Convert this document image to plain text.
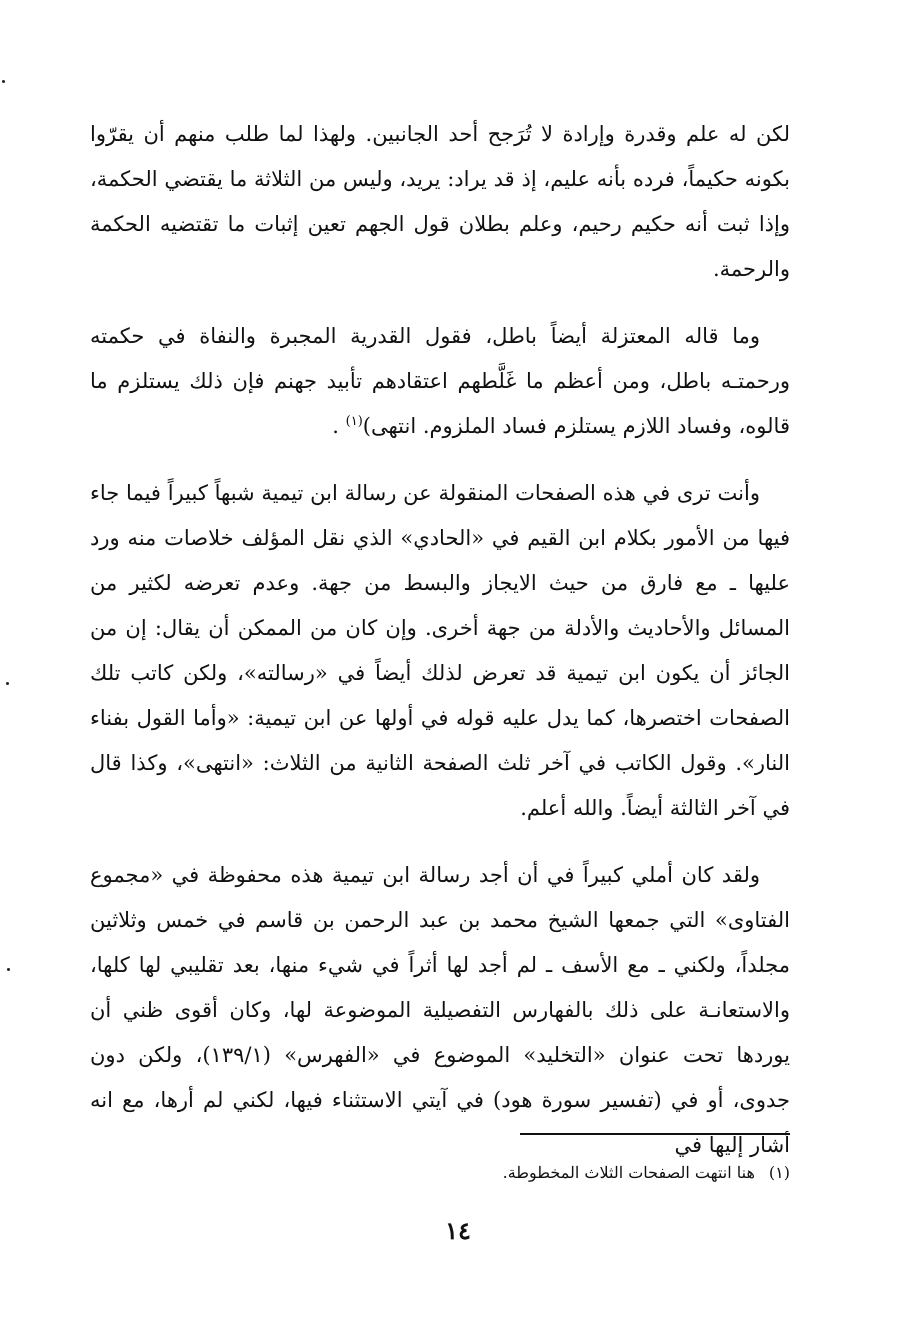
لكن له علم وقدرة وإرادة لا تُرَجح أحد الجانبين. ولهذا لما طلب منهم أن يقرّوا بكونه حكيماً، فرده بأنه عليم، إذ قد يراد: يريد، وليس من الثلاثة ما يقتضي الحكمة، وإذا ثبت أنه حكيم رحيم، وعلم بطلان قول الجهم تعين إثبات ما تقتضيه الحكمة والرحمة.

وما قاله المعتزلة أيضاً باطل، فقول القدرية المجبرة والنفاة في حكمته ورحمتـه باطل، ومن أعظم ما غَلَّطهم اعتقادهم تأبيد جهنم فإن ذلك يستلزم ما قالوه، وفساد اللازم يستلزم فساد الملزوم. انتهى)$^{(١)}$ .

وأنت ترى في هذه الصفحات المنقولة عن رسالة ابن تيمية شبهاً كبيراً فيما جاء فيها من الأمور بكلام ابن القيم في «الحادي» الذي نقل المؤلف خلاصات منه ورد عليها ـ مع فارق من حيث الايجاز والبسط من جهة. وعدم تعرضه لكثير من المسائل والأحاديث والأدلة من جهة أخرى. وإن كان من الممكن أن يقال: إن من الجائز أن يكون ابن تيمية قد تعرض لذلك أيضاً في «رسالته»، ولكن كاتب تلك الصفحات اختصرها، كما يدل عليه قوله في أولها عن ابن تيمية: «وأما القول بفناء النار». وقول الكاتب في آخر ثلث الصفحة الثانية من الثلاث: «انتهى»، وكذا قال في آخر الثالثة أيضاً. والله أعلم.

ولقد كان أملي كبيراً في أن أجد رسالة ابن تيمية هذه محفوظة في «مجموع الفتاوى» التي جمعها الشيخ محمد بن عبد الرحمن بن قاسم في خمس وثلاثين مجلداً، ولكني ـ مع الأسف ـ لم أجد لها أثراً في شيء منها، بعد تقليبي لها كلها، والاستعانـة على ذلك بالفهارس التفصيلية الموضوعة لها، وكان أقوى ظني أن يوردها تحت عنوان «التخليد» الموضوع في «الفهرس» (١٣٩/١)، ولكن دون جدوى، أو في (تفسير سورة هود) في آيتي الاستثناء فيها، لكني لم أرها، مع انه أشار إليها في

(١)هنا انتهت الصفحات الثلاث المخطوطة.
١٤
